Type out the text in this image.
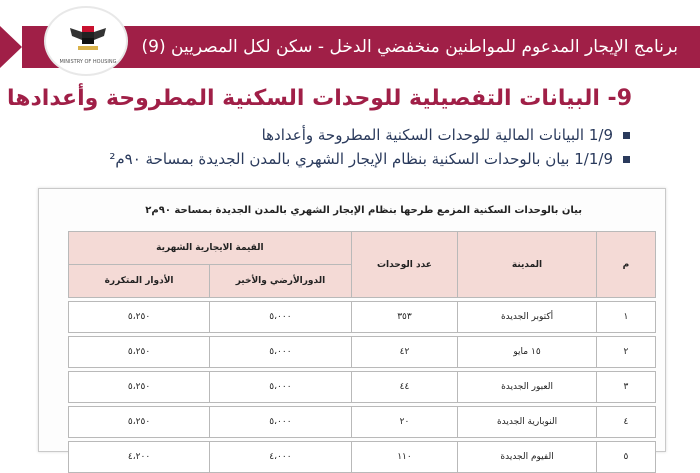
برنامج الإيجار المدعوم للمواطنين منخفضي الدخل - سكن لكل المصريين (9)
MINISTRY OF HOUSING
9- البيانات التفصيلية للوحدات السكنية المطروحة وأعدادها
1/9 البيانات المالية للوحدات السكنية المطروحة وأعدادها
1/1/9 بيان بالوحدات السكنية بنظام الإيجار الشهري بالمدن الجديدة بمساحة ٩٠م²
بيان بالوحدات السكنية المزمع طرحها بنظام الإيجار الشهري بالمدن الجديدة بمساحة ٩٠م٢
م	المدينة	عدد الوحدات	القيمة الايجارية الشهرية	
			الدورالأرضي والأخير	الأدوار المتكررة

١	أكتوبر الجديدة	٣٥٣	٥،٠٠٠	٥،٢٥٠

٢	١٥ مايو	٤٢	٥،٠٠٠	٥،٢٥٠

٣	العبور الجديدة	٤٤	٥،٠٠٠	٥،٢٥٠

٤	النوبارية الجديدة	٢٠	٥،٠٠٠	٥،٢٥٠

٥	الفيوم الجديدة	١١٠	٤،٠٠٠	٤،٢٠٠
